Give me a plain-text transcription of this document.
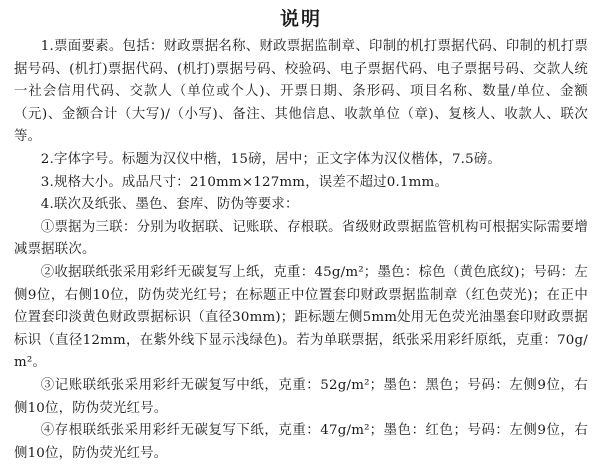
说明

1.票面要素。包括：财政票据名称、财政票据监制章、印制的机打票据代码、印制的机打票据号码、(机打)票据代码、(机打)票据号码、校验码、电子票据代码、电子票据号码、交款人统一社会信用代码、交款人（单位或个人)、开票日期、条形码、项目名称、数量/单位、金额（元)、金额合计（大写)/（小写)、备注、其他信息、收款单位（章)、复核人、收款人、联次等。

2.字体字号。标题为汉仪中楷，15磅，居中；正文字体为汉仪楷体，7.5磅。

3.规格大小。成品尺寸：210mm×127mm，误差不超过0.1mm。

4.联次及纸张、墨色、套库、防伪等要求：

①票据为三联：分别为收据联、记账联、存根联。省级财政票据监管机构可根据实际需要增减票据联次。

②收据联纸张采用彩纤无碳复写上纸，克重：45g/m²；墨色：棕色（黄色底纹)；号码：左侧9位，右侧10位，防伪荧光红号；在标题正中位置套印财政票据监制章（红色荧光)；在正中位置套印淡黄色财政票据标识（直径30mm)；距标题左侧5mm处用无色荧光油墨套印财政票据标识（直径12mm，在紫外线下显示浅绿色)。若为单联票据，纸张采用彩纤原纸，克重：70g/m²。

③记账联纸张采用彩纤无碳复写中纸，克重：52g/m²；墨色：黑色；号码：左侧9位，右侧10位，防伪荧光红号。

④存根联纸张采用彩纤无碳复写下纸，克重：47g/m²；墨色：红色；号码：左侧9位，右侧10位，防伪荧光红号。
